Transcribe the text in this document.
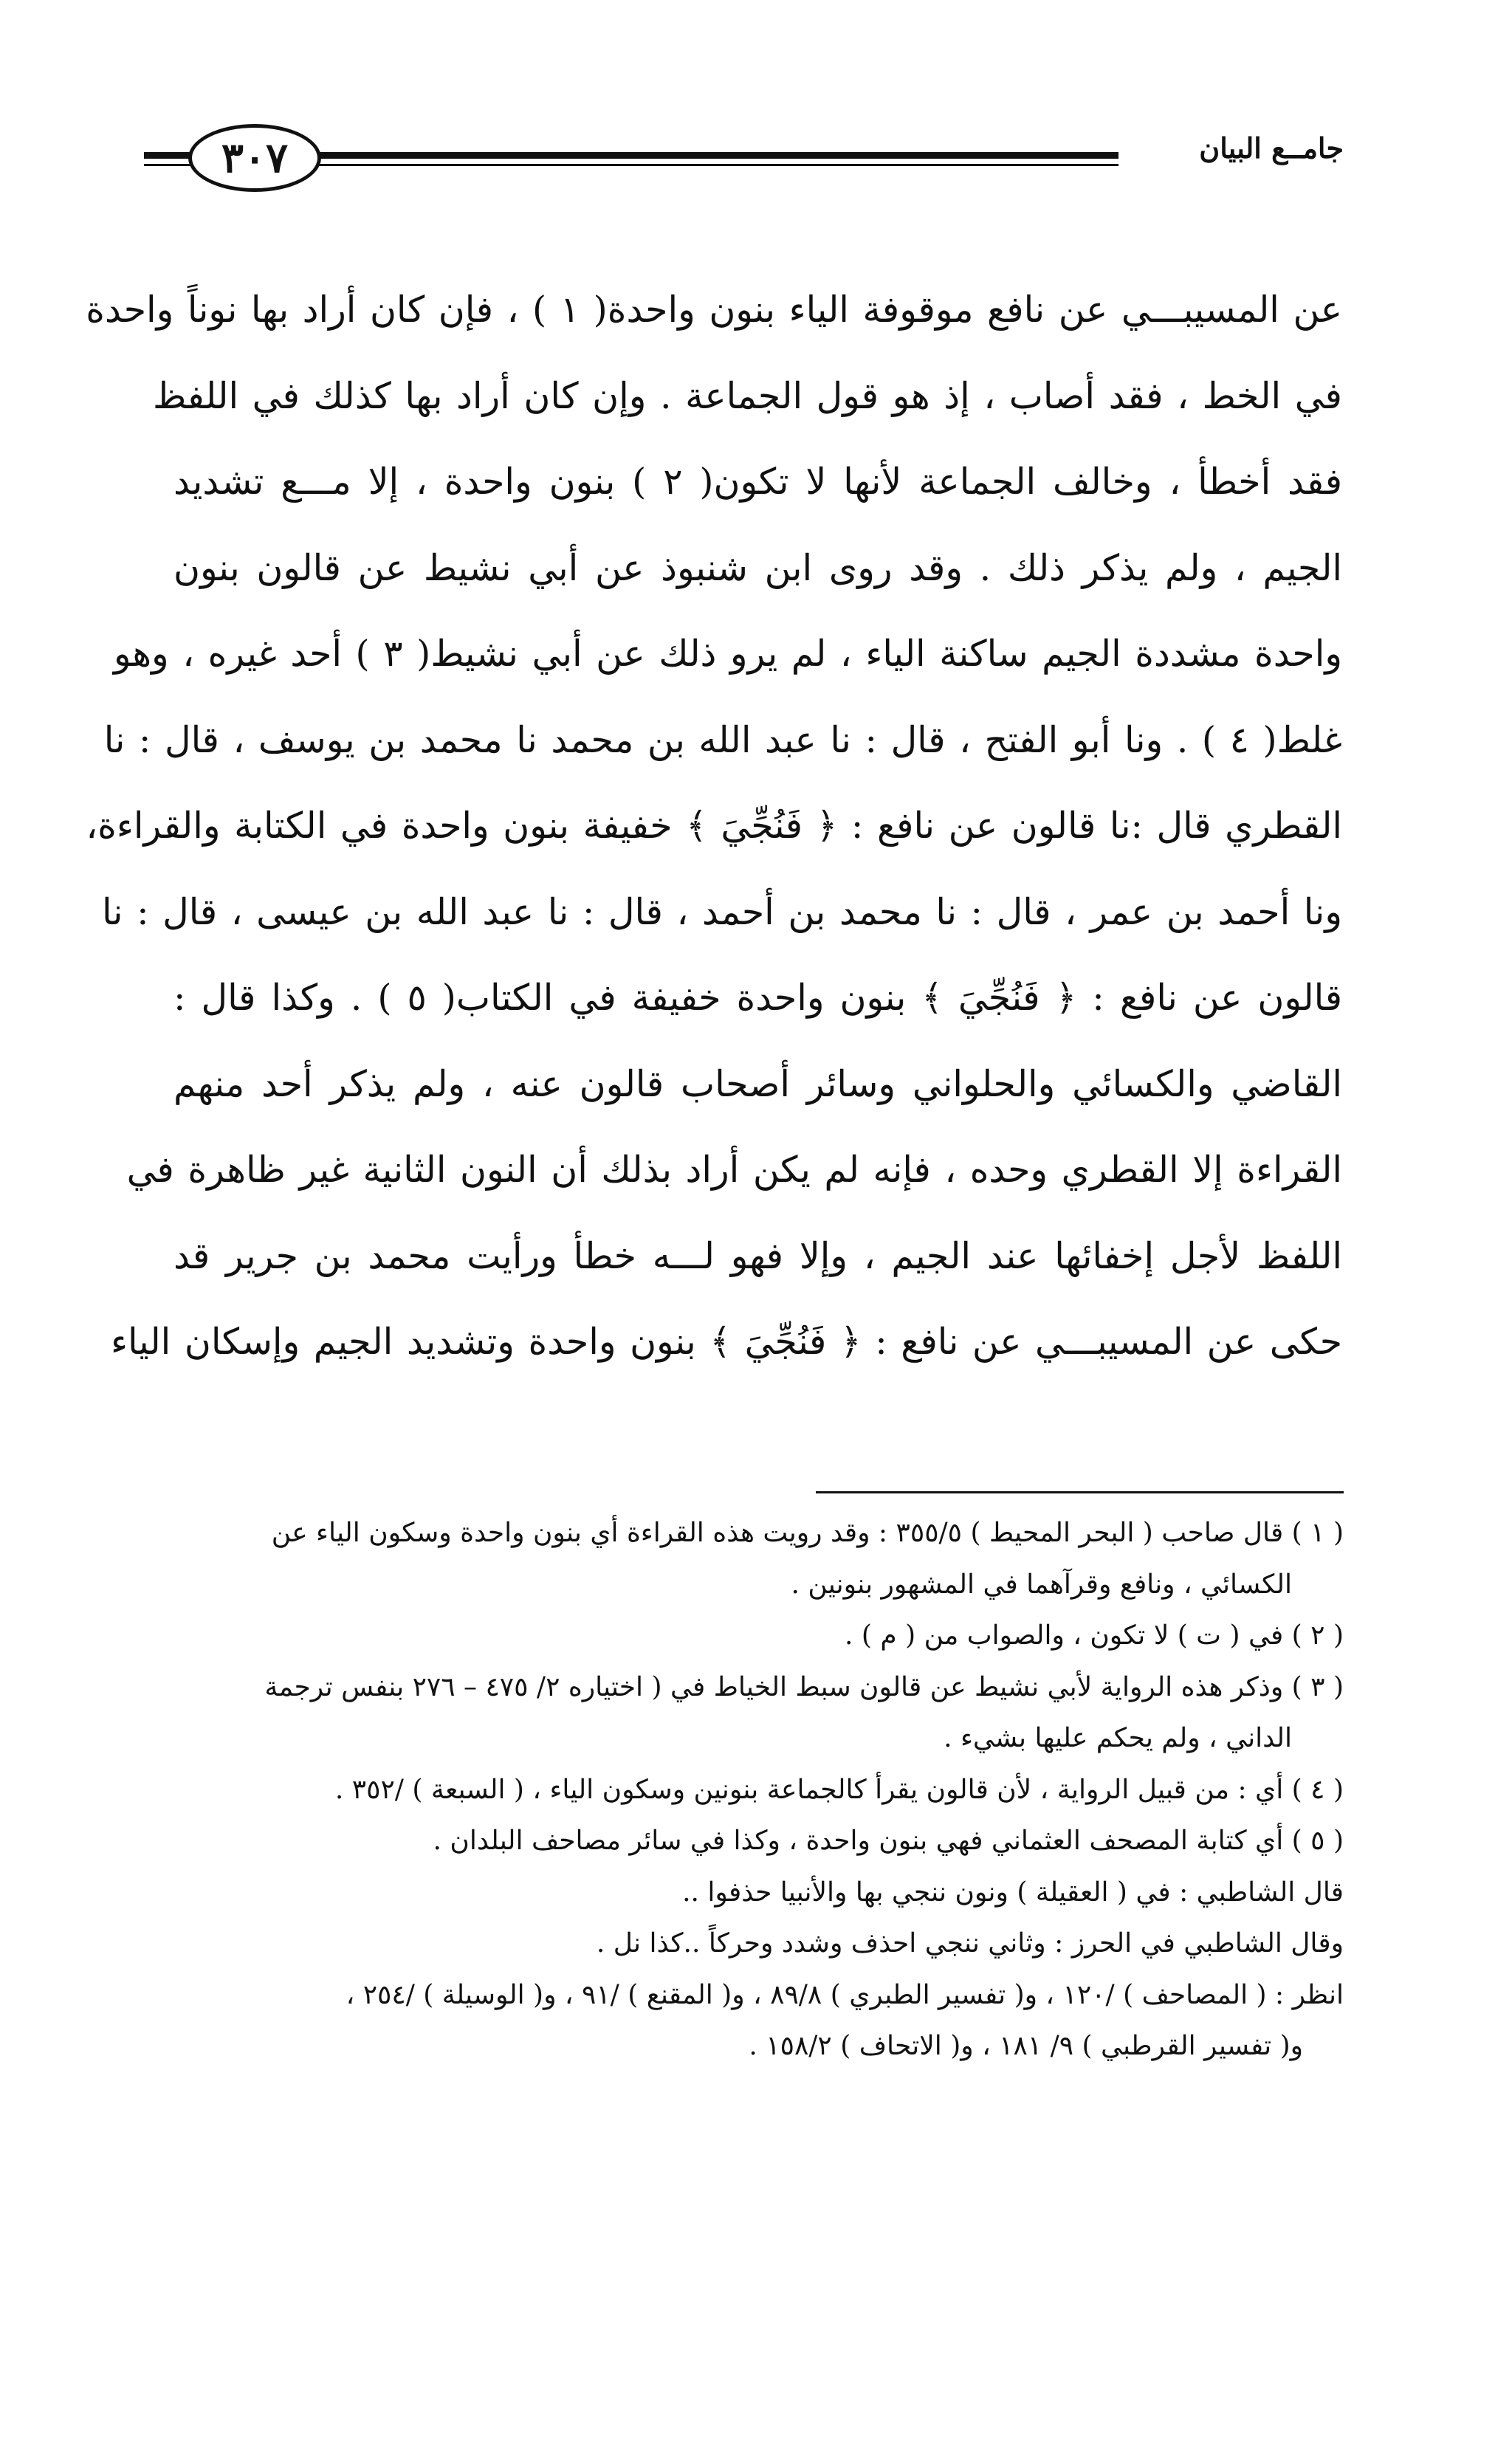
٣٠٧	جامــع البيان
عن المسيبـــي عن نافع موقوفة الياء بنون واحدة( ١ ) ، فإن كان أراد بها نوناً واحدة
في الخط ، فقد أصاب ، إذ هو قول الجماعة . وإن كان أراد بها كذلك في اللفظ
فقد أخطأ ، وخالف الجماعة لأنها لا تكون( ٢ ) بنون واحدة ، إلا مـــع تشديد
الجيم ، ولم يذكر ذلك . وقد روى ابن شنبوذ عن أبي نشيط عن قالون بنون
واحدة مشددة الجيم ساكنة الياء ، لم يرو ذلك عن أبي نشيط( ٣ ) أحد غيره ، وهو
غلط( ٤ ) . ونا أبو الفتح ، قال : نا عبد الله بن محمد نا محمد بن يوسف ، قال : نا
القطري قال :نا قالون عن نافع : ﴿ فَنُجِّيَ ﴾ خفيفة بنون واحدة في الكتابة والقراءة،
ونا أحمد بن عمر ، قال : نا محمد بن أحمد ، قال : نا عبد الله بن عيسى ، قال : نا
قالون عن نافع : ﴿ فَنُجِّيَ ﴾ بنون واحدة خفيفة في الكتاب( ٥ ) . وكذا قال :
القاضي والكسائي والحلواني وسائر أصحاب قالون عنه ، ولم يذكر أحد منهم
القراءة إلا القطري وحده ، فإنه لم يكن أراد بذلك أن النون الثانية غير ظاهرة في
اللفظ لأجل إخفائها عند الجيم ، وإلا فهو لـــه خطأ ورأيت محمد بن جرير قد
حكى عن المسيبـــي عن نافع : ﴿ فَنُجِّيَ ﴾ بنون واحدة وتشديد الجيم وإسكان الياء
( ١ ) قال صاحب ( البحر المحيط ) ٣٥٥/٥ : وقد رويت هذه القراءة أي بنون واحدة وسكون الياء عن
الكسائي ، ونافع وقرآهما في المشهور بنونين .
( ٢ ) في ( ت ) لا تكون ، والصواب من ( م ) .
( ٣ ) وذكر هذه الرواية لأبي نشيط عن قالون سبط الخياط في ( اختياره ٢/ ٤٧٥ – ٢٧٦ بنفس ترجمة
الداني ، ولم يحكم عليها بشيء .
( ٤ ) أي : من قبيل الرواية ، لأن قالون يقرأ كالجماعة بنونين وسكون الياء ، ( السبعة ) /٣٥٢ .
( ٥ ) أي كتابة المصحف العثماني فهي بنون واحدة ، وكذا في سائر مصاحف البلدان .
قال الشاطبي : في ( العقيلة ) ونون ننجي بها والأنبيا حذفوا ..
وقال الشاطبي في الحرز : وثاني ننجي احذف وشدد وحركاً ..كذا نل .
انظر : ( المصاحف ) /١٢٠ ، و( تفسير الطبري ) ٨٩/٨ ، و( المقنع ) /٩١ ، و( الوسيلة ) /٢٥٤ ،
و( تفسير القرطبي ) ٩/ ١٨١ ، و( الاتحاف ) ١٥٨/٢ .
